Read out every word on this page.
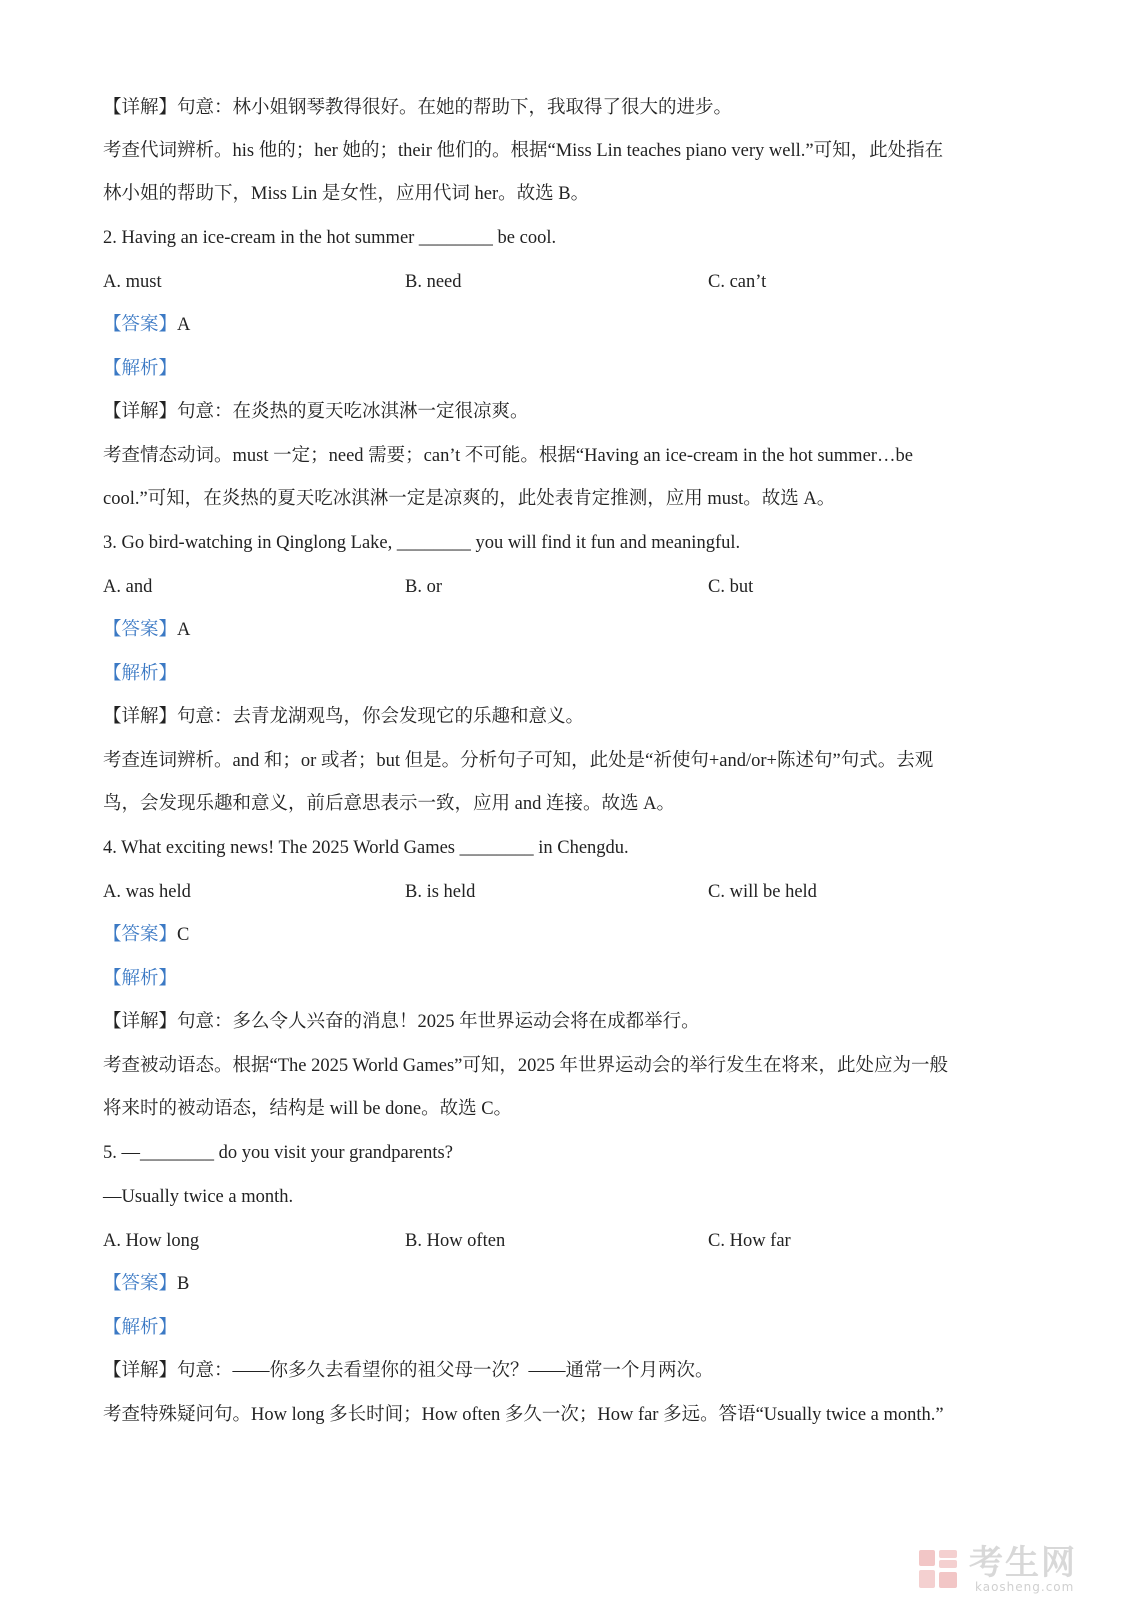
【详解】句意：林小姐钢琴教得很好。在她的帮助下，我取得了很大的进步。
考查代词辨析。his 他的；her 她的；their 他们的。根据“Miss Lin teaches piano very well.”可知，此处指在
林小姐的帮助下，Miss Lin 是女性，应用代词 her。故选 B。
2. Having an ice-cream in the hot summer ________ be cool.
A. must	B. need	C. can’t
【答案】A
【解析】
【详解】句意：在炎热的夏天吃冰淇淋一定很凉爽。
考查情态动词。must 一定；need 需要；can’t 不可能。根据“Having an ice-cream in the hot summer…be
cool.”可知，在炎热的夏天吃冰淇淋一定是凉爽的，此处表肯定推测，应用 must。故选 A。
3. Go bird-watching in Qinglong Lake, ________ you will find it fun and meaningful.
A. and	B. or	C. but
【答案】A
【解析】
【详解】句意：去青龙湖观鸟，你会发现它的乐趣和意义。
考查连词辨析。and 和；or 或者；but 但是。分析句子可知，此处是“祈使句+and/or+陈述句”句式。去观
鸟，会发现乐趣和意义，前后意思表示一致，应用 and 连接。故选 A。
4. What exciting news! The 2025 World Games ________ in Chengdu.
A. was held	B. is held	C. will be held
【答案】C
【解析】
【详解】句意：多么令人兴奋的消息！2025 年世界运动会将在成都举行。
考查被动语态。根据“The 2025 World Games”可知，2025 年世界运动会的举行发生在将来，此处应为一般
将来时的被动语态，结构是 will be done。故选 C。
5. —________ do you visit your grandparents?
—Usually twice a month.
A. How long	B. How often	C. How far
【答案】B
【解析】
【详解】句意：——你多久去看望你的祖父母一次？——通常一个月两次。
考查特殊疑问句。How long 多长时间；How often 多久一次；How far 多远。答语“Usually twice a month.”
考生网
kaosheng.com
